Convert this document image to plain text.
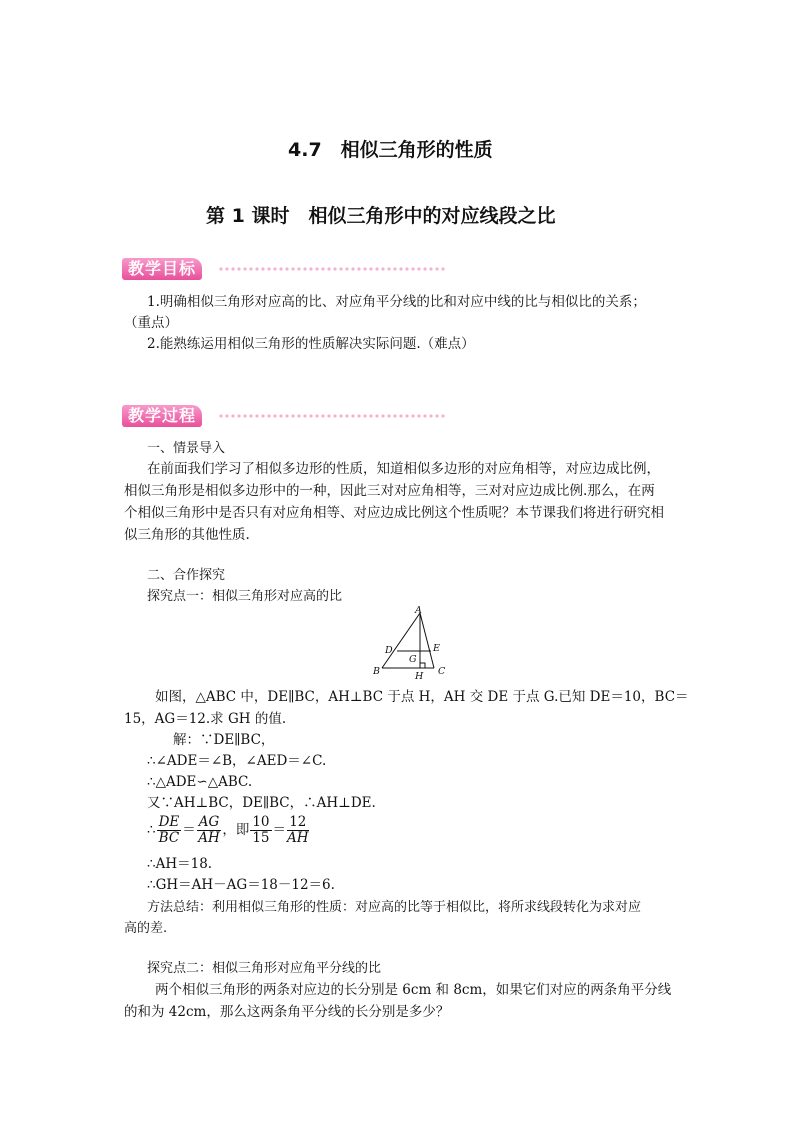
4.7　相似三角形的性质
第 1 课时　相似三角形中的对应线段之比
教学目标
1.明确相似三角形对应高的比、对应角平分线的比和对应中线的比与相似比的关系；
（重点）
2.能熟练运用相似三角形的性质解决实际问题.（难点）
教学过程
一、情景导入
在前面我们学习了相似多边形的性质，知道相似多边形的对应角相等，对应边成比例，
相似三角形是相似多边形中的一种，因此三对对应角相等，三对对应边成比例.那么，在两
个相似三角形中是否只有对应角相等、对应边成比例这个性质呢？本节课我们将进行研究相
似三角形的其他性质.
二、合作探究
探究点一：相似三角形对应高的比
A
D	E
G
B	H C
如图，△ABC 中，DE∥BC，AH⊥BC 于点 H，AH 交 DE 于点 G.已知 DE＝10，BC＝
15，AG＝12.求 GH 的值.
解：∵DE∥BC，
∴∠ADE＝∠B，∠AED＝∠C.
∴△ADE∽△ABC.
又∵AH⊥BC，DE∥BC，∴AH⊥DE.
∴ $\frac{DE}{BC} = \frac{AG}{AH}$ ，即 $\frac{10}{15} = \frac{12}{AH}$
∴AH＝18.
∴GH＝AH－AG＝18－12＝6.
方法总结：利用相似三角形的性质：对应高的比等于相似比，将所求线段转化为求对应
高的差.
探究点二：相似三角形对应角平分线的比
两个相似三角形的两条对应边的长分别是 6cm 和 8cm，如果它们对应的两条角平分线
的和为 42cm，那么这两条角平分线的长分别是多少？
